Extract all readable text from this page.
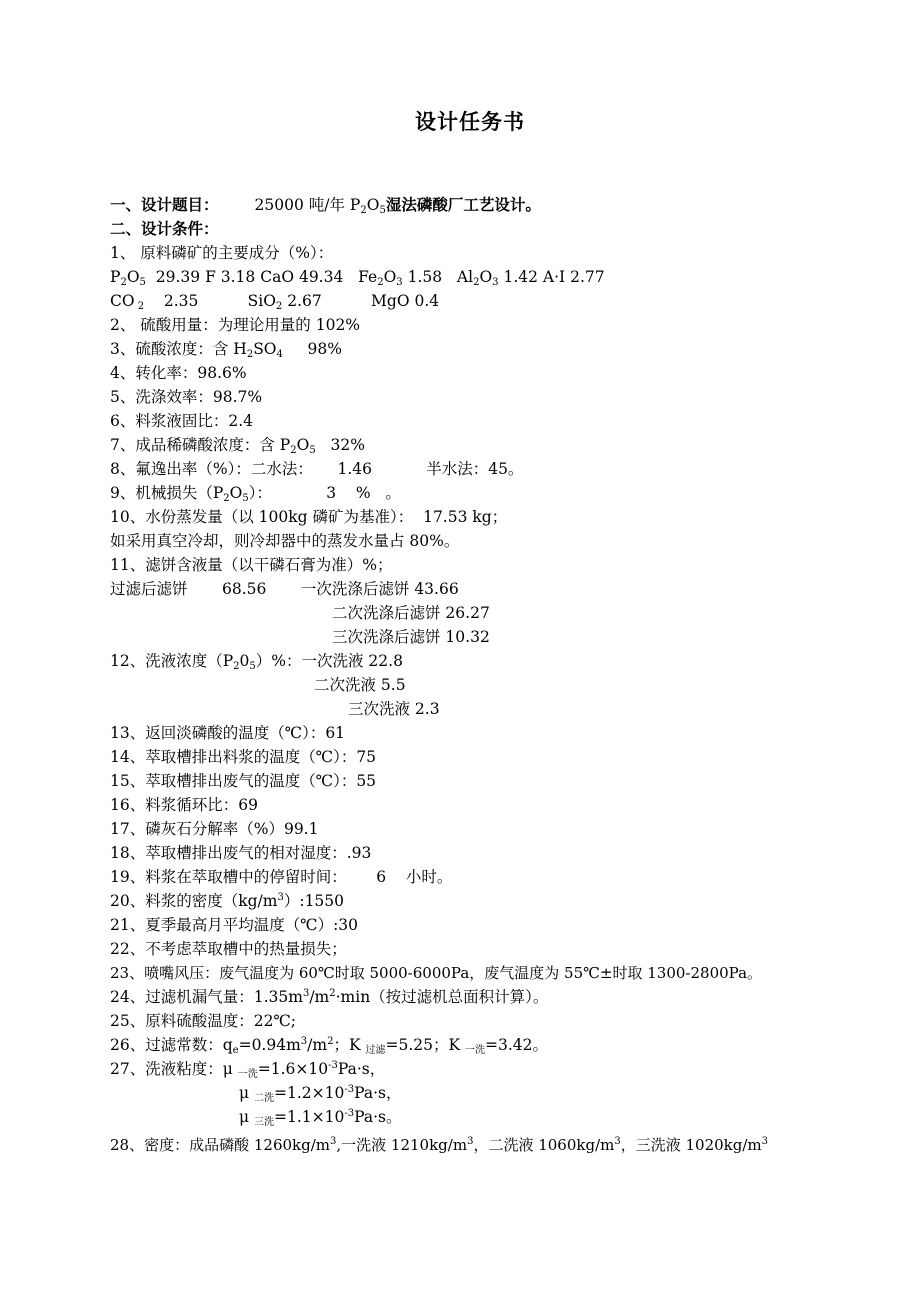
设计任务书
一、设计题目： 25000 吨/年 $P_2O_5$湿法磷酸厂工艺设计。
二、设计条件：
1、 原料磷矿的主要成分（%）：
$P_2O_5$ 29.39 F 3.18 CaO 49.34   $Fe_2O_3$ 1.58   $Al_2O_3$ 1.42 A·I 2.77
CO $_2$ 2.35          SiO$_2$ 2.67	MgO 0.4
2、 硫酸用量：为理论用量的 102%
3、硫酸浓度：含 $H_2SO_4$ 98%
4、转化率：98.6%
5、洗涤效率：98.7%
6、料浆液固比：2.4
7、成品稀磷酸浓度：含 $P_2O_5$ 32%
8、氟逸出率（%）：二水法： 1.46	半水法：45。
9、机械损失$(P_2O_5)$：	3 % 。
10、水份蒸发量（以 100kg 磷矿为基准）：  17.53 kg；
如采用真空冷却，则冷却器中的蒸发水量占 80%。
11、滤饼含液量（以干磷石膏为准）%；
过滤后滤饼 68.56 一次洗涤后滤饼 43.66
二次洗涤后滤饼 26.27
三次洗涤后滤饼 10.32
12、洗液浓度$(P_20_5)\%$：一次洗液 22.8
二次洗液 5.5
三次洗液 2.3
13、返回淡磷酸的温度（℃）：61
14、萃取槽排出料浆的温度（℃）：75
15、萃取槽排出废气的温度（℃）：55
16、料浆循环比：69
17、磷灰石分解率（%）99.1
18、萃取槽排出废气的相对湿度：.93
19、料浆在萃取槽中的停留时间： 6 小时。
20、料浆的密度$(kg/m^3):1550$
21、夏季最高月平均温度（℃）:30
22、不考虑萃取槽中的热量损失；
23、喷嘴风压：废气温度为 60℃时取 5000-6000Pa，废气温度为 55℃±时取 1300-2800Pa。
24、过滤机漏气量：$1.35m^3/m^2\cdot\min$（按过滤机总面积计算）。
25、原料硫酸温度：22℃;
26、过滤常数：$q_e=0.94m^3/m^2$；K $_{过滤}$=5.25；K $_{一洗}$=3.42。
27、洗液粘度：μ $_{一洗}=1.6\times 10^{-3}Pa\cdot s$，
μ $_{二洗}=1.2\times 10^{-3}Pa\cdot s$，
μ $_{三洗}=1.1\times 10^{-3}Pa\cdot s$。
28、密度：成品磷酸 $1260kg/m^3$,一洗液 $1210kg/m^3$，二洗液 $1060kg/m^3$，三洗液 $1020kg/m^3$
